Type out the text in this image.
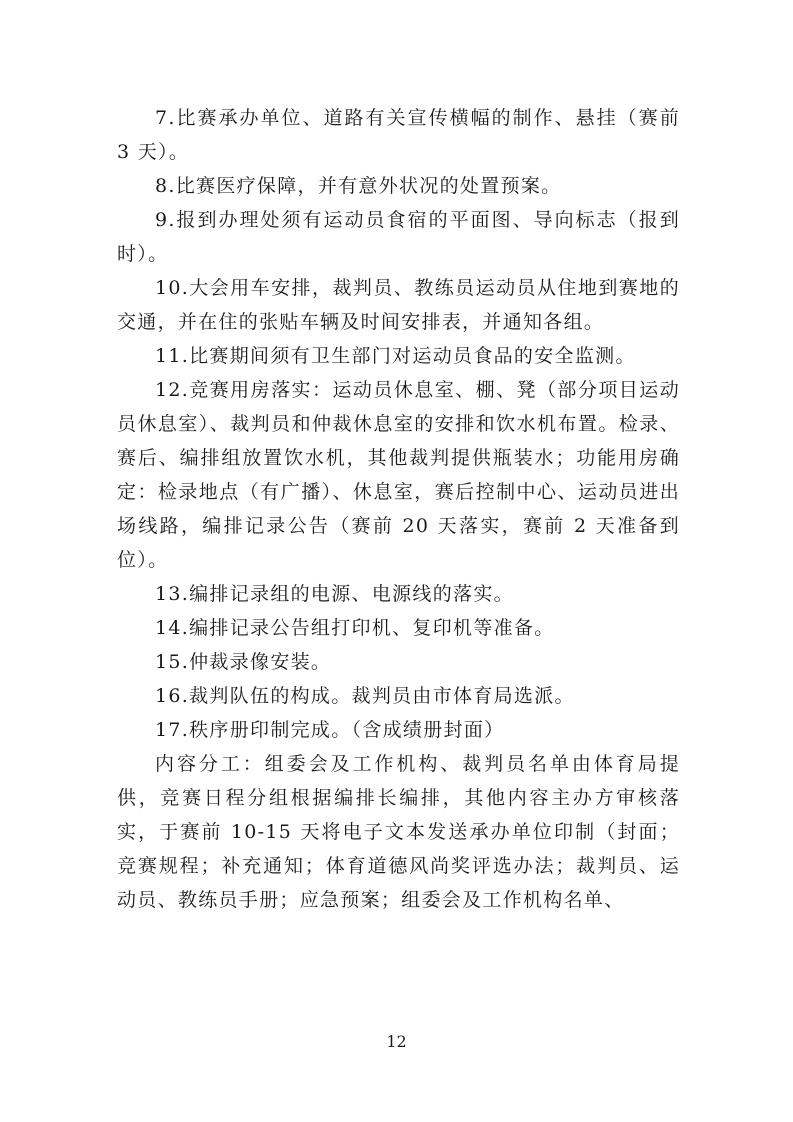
7.比赛承办单位、道路有关宣传横幅的制作、悬挂（赛前 3 天）。

8.比赛医疗保障，并有意外状况的处置预案。

9.报到办理处须有运动员食宿的平面图、导向标志（报到时）。

10.大会用车安排，裁判员、教练员运动员从住地到赛地的交通，并在住的张贴车辆及时间安排表，并通知各组。

11.比赛期间须有卫生部门对运动员食品的安全监测。

12.竞赛用房落实：运动员休息室、棚、凳（部分项目运动员休息室）、裁判员和仲裁休息室的安排和饮水机布置。检录、赛后、编排组放置饮水机，其他裁判提供瓶装水；功能用房确定：检录地点（有广播）、休息室，赛后控制中心、运动员进出场线路，编排记录公告（赛前 20 天落实，赛前 2 天准备到位）。

13.编排记录组的电源、电源线的落实。

14.编排记录公告组打印机、复印机等准备。

15.仲裁录像安装。

16.裁判队伍的构成。裁判员由市体育局选派。

17.秩序册印制完成。（含成绩册封面）

内容分工：组委会及工作机构、裁判员名单由体育局提供，竞赛日程分组根据编排长编排，其他内容主办方审核落实，于赛前 10-15 天将电子文本发送承办单位印制（封面；竞赛规程；补充通知；体育道德风尚奖评选办法；裁判员、运动员、教练员手册；应急预案；组委会及工作机构名单、

12
